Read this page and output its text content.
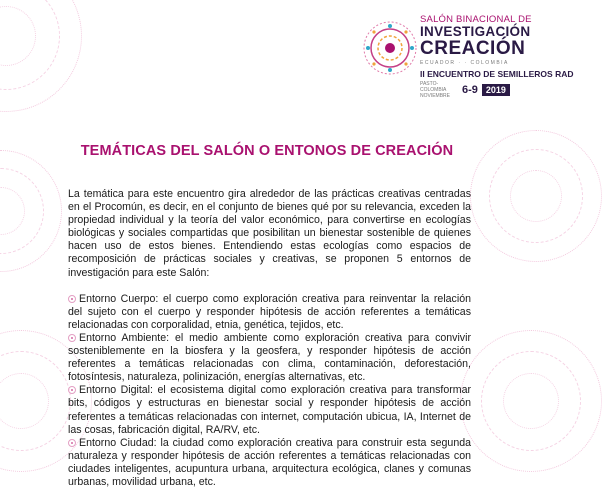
SALÓN BINACIONAL DE
INVESTIGACIÓN
CREACIÓN
ECUADOR · · COLOMBIA
II ENCUENTRO DE SEMILLEROS RAD
PASTO-COLOMBIA NOVIEMBRE	6-9 2019
TEMÁTICAS DEL SALÓN O ENTONOS DE CREACIÓN

La temática para este encuentro gira alrededor de las prácticas creativas centradas en el Procomún, es decir, en el conjunto de bienes qué por su relevancia, exceden la propiedad individual y la teoría del valor económico, para convertirse en ecologías biológicas y sociales compartidas que posibilitan un bienestar sostenible de quienes hacen uso de estos bienes. Entendiendo estas ecologías como espacios de recomposición de prácticas sociales y creativas, se proponen 5 entornos de investigación para este Salón:

Entorno Cuerpo: el cuerpo como exploración creativa para reinventar la relación del sujeto con el cuerpo y responder hipótesis de acción referentes a temáticas relacionadas con corporalidad, etnia, genética, tejidos, etc.

Entorno Ambiente: el medio ambiente como exploración creativa para convivir sosteniblemente en la biosfera y la geosfera, y responder hipótesis de acción referentes a temáticas relacionadas con clima, contaminación, deforestación, fotosíntesis, naturaleza, polinización, energías alternativas, etc.

Entorno Digital: el ecosistema digital como exploración creativa para transformar bits, códigos y estructuras en bienestar social y responder hipótesis de acción referentes a temáticas relacionadas con internet, computación ubicua, IA, Internet de las cosas, fabricación digital, RA/RV, etc.

Entorno Ciudad: la ciudad como exploración creativa para construir esta segunda naturaleza y responder hipótesis de acción referentes a temáticas relacionadas con ciudades inteligentes, acupuntura urbana, arquitectura ecológica, clanes y comunas urbanas, movilidad urbana, etc.
